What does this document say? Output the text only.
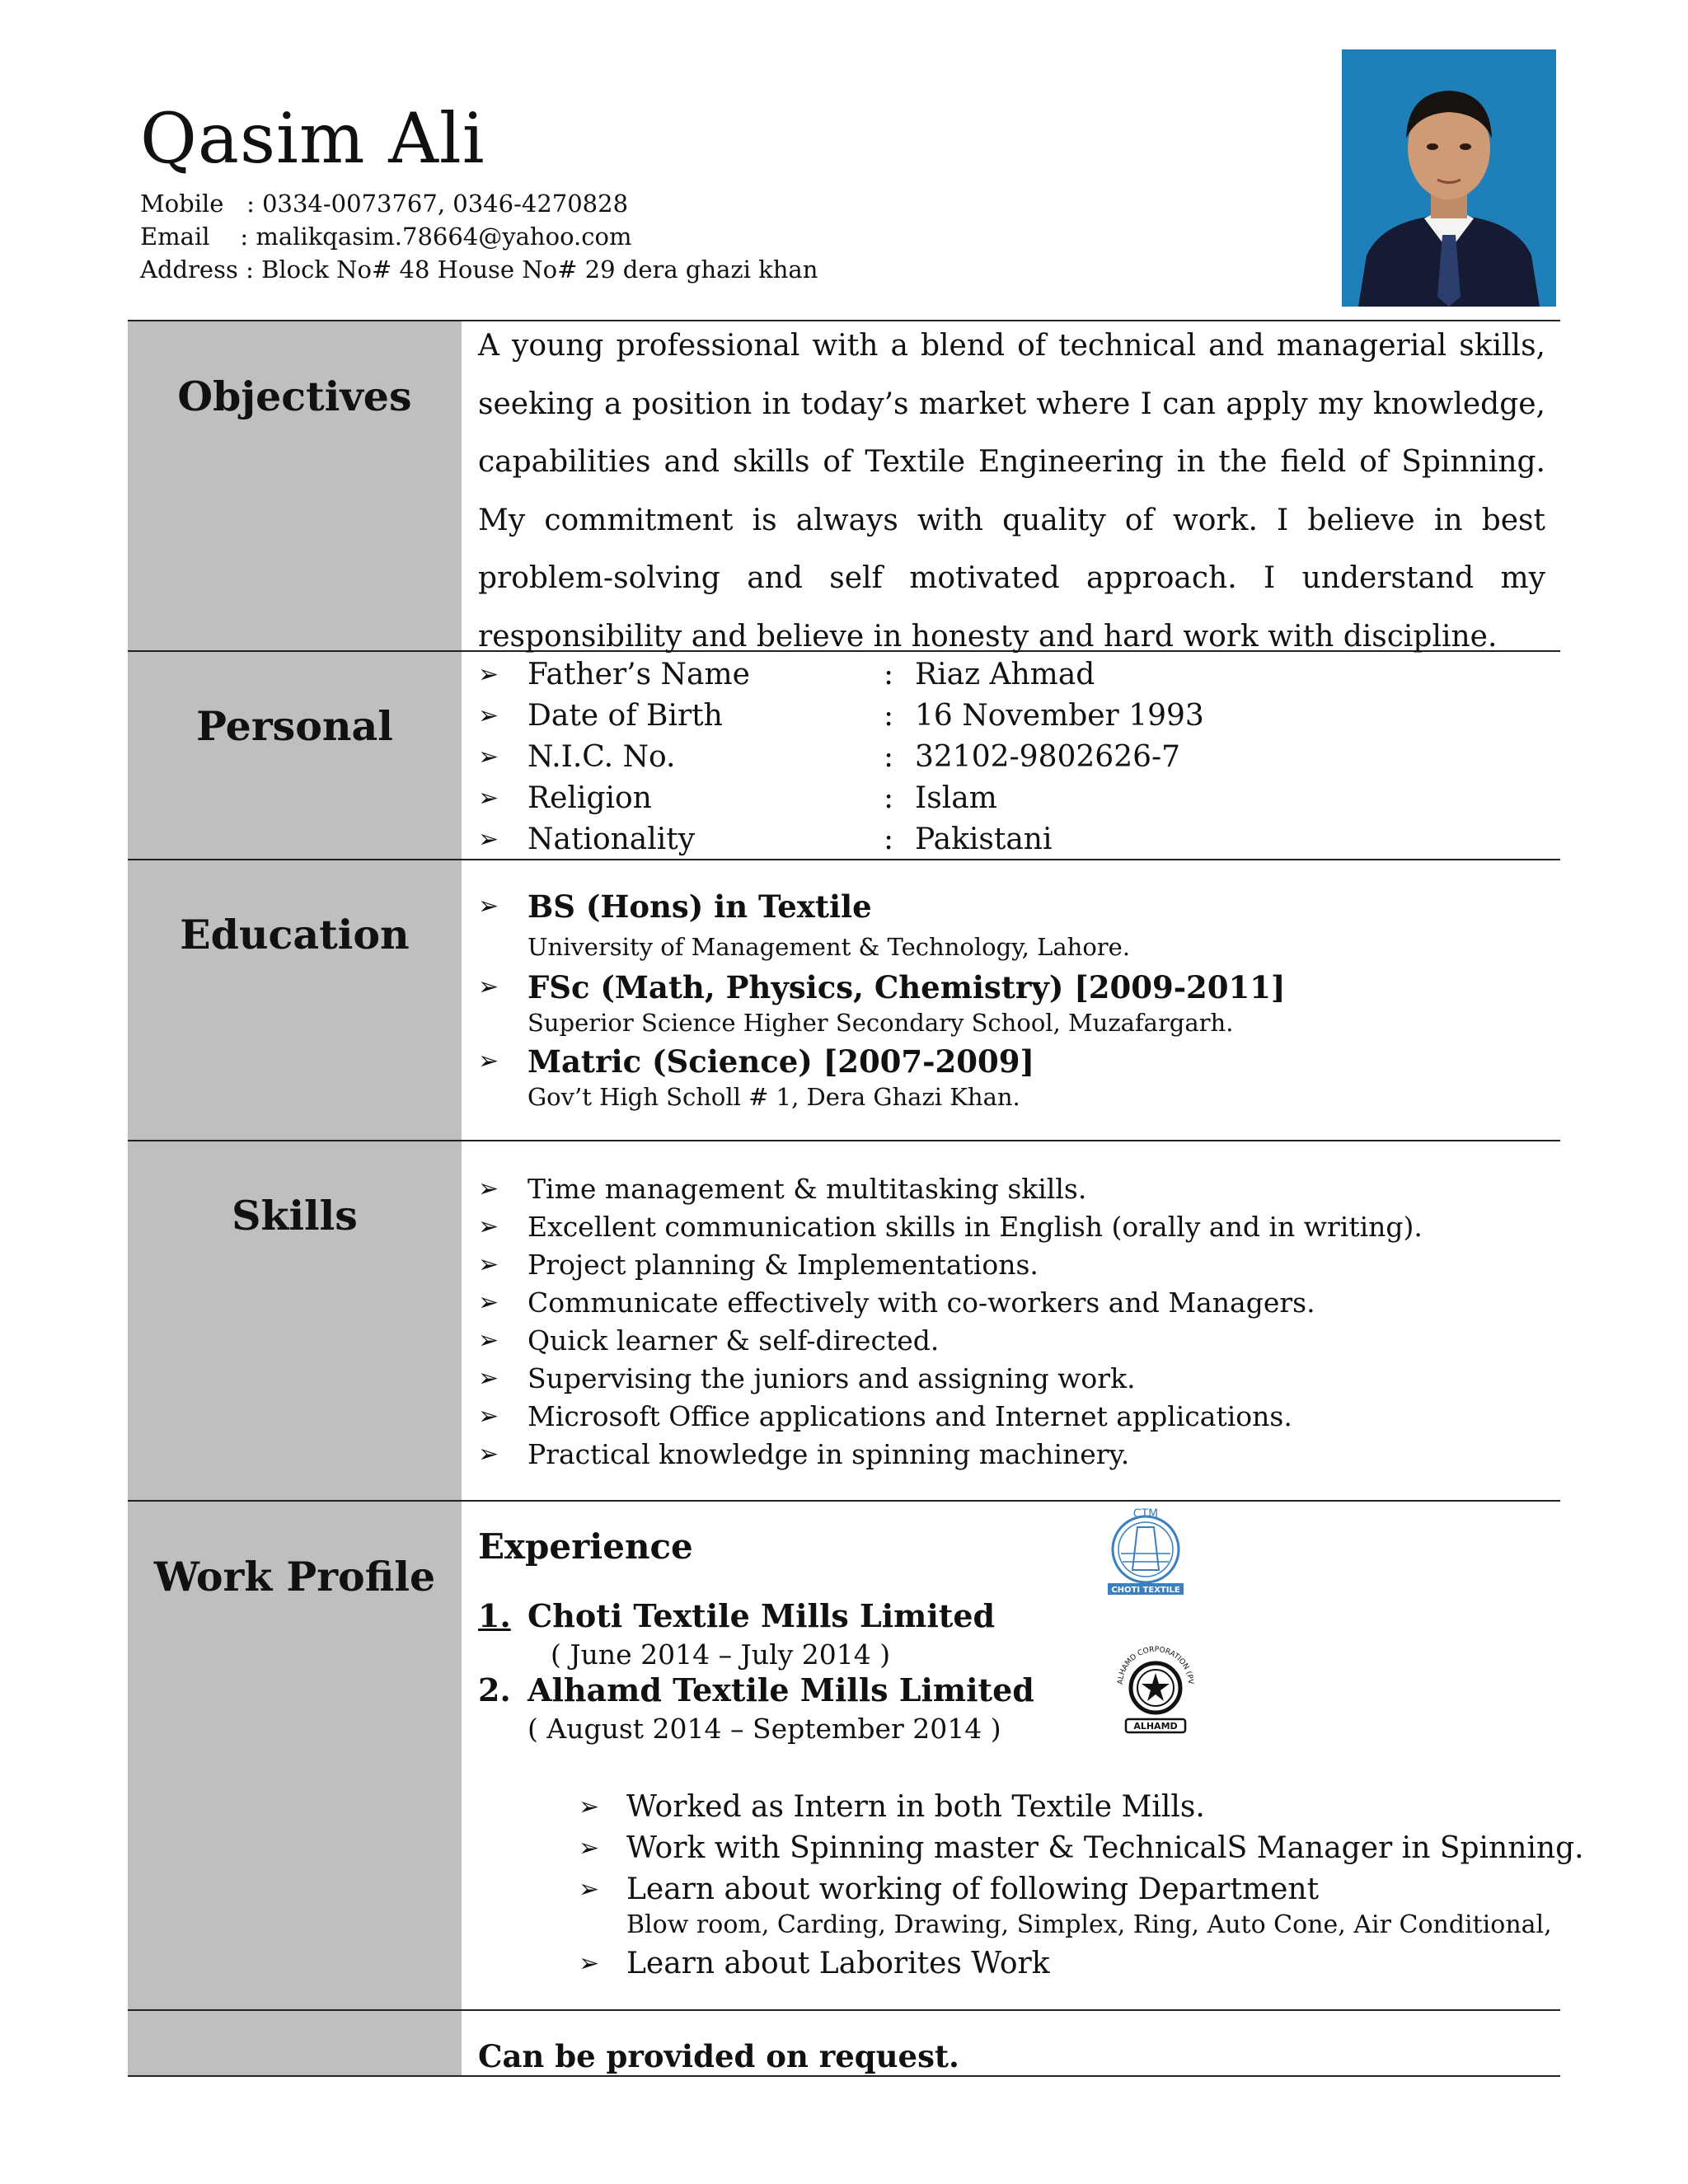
Qasim Ali
Mobile   : 0334-0073767, 0346-4270828
Email    : malikqasim.78664@yahoo.com
Address : Block No# 48 House No# 29 dera ghazi khan
Objectives
A young professional with a blend of technical and managerial skills, seeking a position in today’s market where I can apply my knowledge, capabilities and skills of Textile Engineering in the field of Spinning. My commitment is always with quality of work. I believe in best problem-solving and self motivated approach. I understand my responsibility and believe in honesty and hard work with discipline.
Personal
➢ Father’s Name	: Riaz Ahmad
➢ Date of Birth	: 16 November 1993
➢ N.I.C. No.	: 32102-9802626-7
➢ Religion	: Islam
➢ Nationality	: Pakistani
Education
➢ BS (Hons) in Textile
University of Management & Technology, Lahore.
➢ FSc (Math, Physics, Chemistry) [2009-2011]
Superior Science Higher Secondary School, Muzafargarh.
➢ Matric (Science) [2007-2009]
Gov’t High Scholl # 1, Dera Ghazi Khan.
Skills
➢ Time management & multitasking skills.
➢ Excellent communication skills in English (orally and in writing).
➢ Project planning & Implementations.
➢ Communicate effectively with co-workers and Managers.
➢ Quick learner & self-directed.
➢ Supervising the juniors and assigning work.
➢ Microsoft Office applications and Internet applications.
➢ Practical knowledge in spinning machinery.
Work Profile
Experience
1.
Choti Textile Mills Limited
( June 2014 – July 2014 )
2. Alhamd Textile Mills Limited
( August 2014 – September 2014 )
CTM
CHOTI TEXTILE
ALHAMD CORPORATION (PV
ALHAMD
➢ Worked as Intern in both Textile Mills.
➢ Work with Spinning master & TechnicalS Manager in Spinning.
➢ Learn about working of following Department
Blow room, Carding, Drawing, Simplex, Ring, Auto Cone, Air Conditional,
➢ Learn about Laborites Work
Can be provided on request.
